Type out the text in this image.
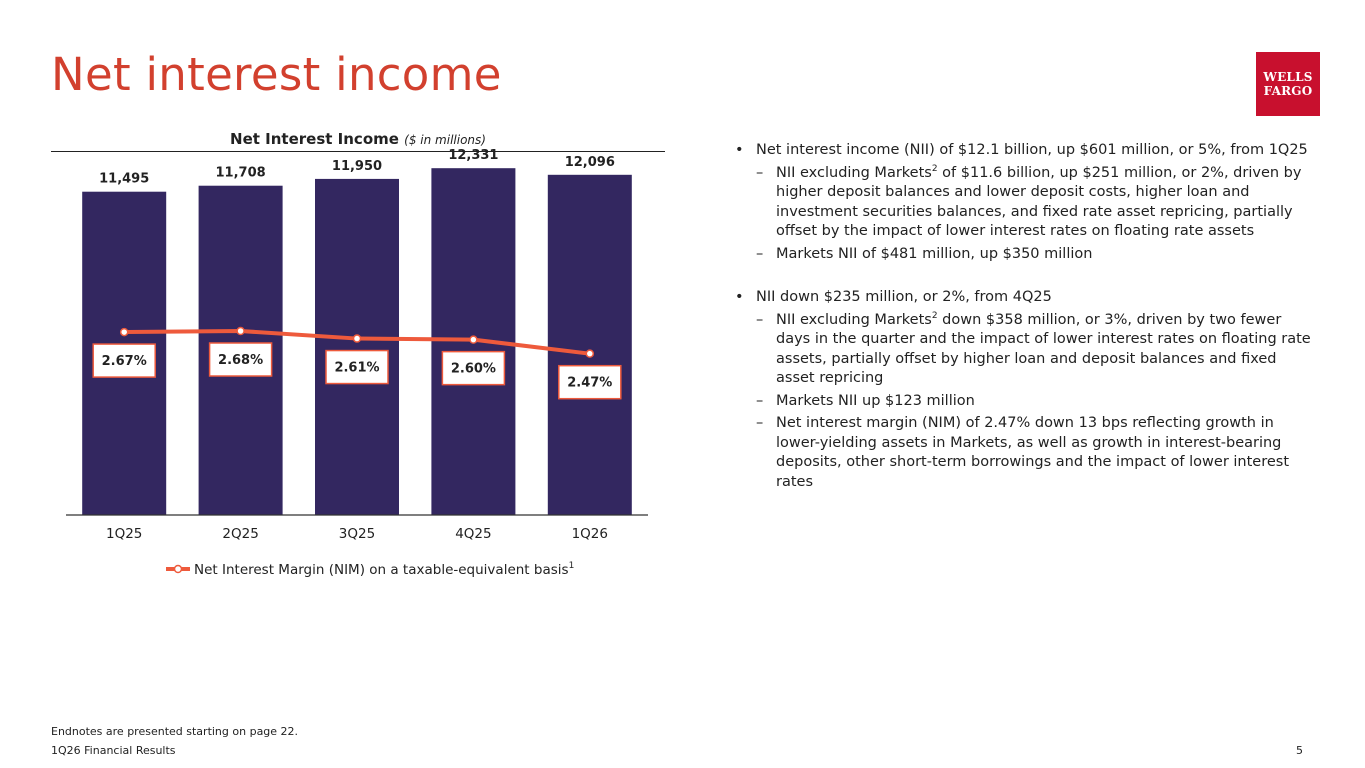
Net interest income	WELLS
FARGO
Net Interest Income ($ in millions)
11,495
1Q25
11,708
2Q25
11,950
3Q25
12,331
4Q25
12,096
1Q26
2.67%	2.68%
2.61%	2.60%
2.47%
Net Interest Margin (NIM) on a taxable-equivalent basis$^1$
• Net interest income (NII) of $12.1 billion, up $601 million, or 5%, from 1Q25
– NII excluding Markets$^2$ of $11.6 billion, up $251 million, or 2%, driven by higher deposit balances and lower deposit costs, higher loan and investment securities balances, and fixed rate asset repricing, partially offset by the impact of lower interest rates on floating rate assets
– Markets NII of $481 million, up $350 million
• NII down $235 million, or 2%, from 4Q25
– NII excluding Markets$^2$ down $358 million, or 3%, driven by two fewer days in the quarter and the impact of lower interest rates on floating rate assets, partially offset by higher loan and deposit balances and fixed asset repricing
– Markets NII up $123 million
– Net interest margin (NIM) of 2.47% down 13 bps reflecting growth in lower-yielding assets in Markets, as well as growth in interest-bearing deposits, other short-term borrowings and the impact of lower interest rates
Endnotes are presented starting on page 22.
1Q26 Financial Results	5
